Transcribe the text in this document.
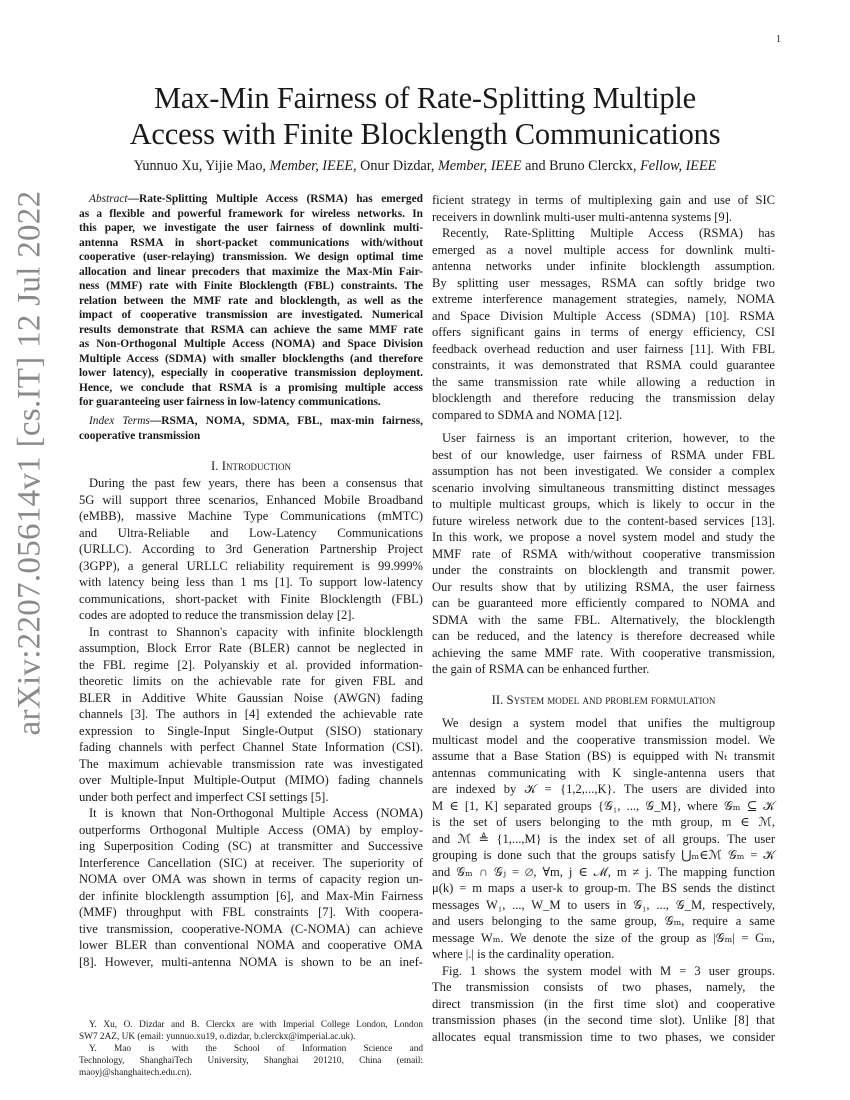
1
arXiv:2207.05614v1 [cs.IT] 12 Jul 2022
Max-Min Fairness of Rate-Splitting Multiple
Access with Finite Blocklength Communications
Yunnuo Xu, Yijie Mao, Member, IEEE, Onur Dizdar, Member, IEEE and Bruno Clerckx, Fellow, IEEE
Abstract—Rate-Splitting Multiple Access (RSMA) has emerged
as a flexible and powerful framework for wireless networks. In
this paper, we investigate the user fairness of downlink multi-
antenna RSMA in short-packet communications with/without
cooperative (user-relaying) transmission. We design optimal time
allocation and linear precoders that maximize the Max-Min Fair-
ness (MMF) rate with Finite Blocklength (FBL) constraints. The
relation between the MMF rate and blocklength, as well as the
impact of cooperative transmission are investigated. Numerical
results demonstrate that RSMA can achieve the same MMF rate
as Non-Orthogonal Multiple Access (NOMA) and Space Division
Multiple Access (SDMA) with smaller blocklengths (and therefore
lower latency), especially in cooperative transmission deployment.
Hence, we conclude that RSMA is a promising multiple access
for guaranteeing user fairness in low-latency communications.
Index Terms—RSMA, NOMA, SDMA, FBL, max-min fairness,
cooperative transmission
I. Introduction
During the past few years, there has been a consensus that
5G will support three scenarios, Enhanced Mobile Broadband
(eMBB), massive Machine Type Communications (mMTC)
and Ultra-Reliable and Low-Latency Communications
(URLLC). According to 3rd Generation Partnership Project
(3GPP), a general URLLC reliability requirement is 99.999%
with latency being less than 1 ms [1]. To support low-latency
communications, short-packet with Finite Blocklength (FBL)
codes are adopted to reduce the transmission delay [2].
In contrast to Shannon's capacity with infinite blocklength
assumption, Block Error Rate (BLER) cannot be neglected in
the FBL regime [2]. Polyanskiy et al. provided information-
theoretic limits on the achievable rate for given FBL and
BLER in Additive White Gaussian Noise (AWGN) fading
channels [3]. The authors in [4] extended the achievable rate
expression to Single-Input Single-Output (SISO) stationary
fading channels with perfect Channel State Information (CSI).
The maximum achievable transmission rate was investigated
over Multiple-Input Multiple-Output (MIMO) fading channels
under both perfect and imperfect CSI settings [5].
It is known that Non-Orthogonal Multiple Access (NOMA)
outperforms Orthogonal Multiple Access (OMA) by employ-
ing Superposition Coding (SC) at transmitter and Successive
Interference Cancellation (SIC) at receiver. The superiority of
NOMA over OMA was shown in terms of capacity region un-
der infinite blocklength assumption [6], and Max-Min Fairness
(MMF) throughput with FBL constraints [7]. With coopera-
tive transmission, cooperative-NOMA (C-NOMA) can achieve
lower BLER than conventional NOMA and cooperative OMA
[8]. However, multi-antenna NOMA is shown to be an inef-
Y. Xu, O. Dizdar and B. Clerckx are with Imperial College London, London
SW7 2AZ, UK (email: yunnuo.xu19, o.dizdar, b.clerckx@imperial.ac.uk).
Y. Mao is with the School of Information Science and
Technology, ShanghaiTech University, Shanghai 201210, China (email:
maoyj@shanghaitech.edu.cn).
ficient strategy in terms of multiplexing gain and use of SIC
receivers in downlink multi-user multi-antenna systems [9].
Recently, Rate-Splitting Multiple Access (RSMA) has
emerged as a novel multiple access for downlink multi-
antenna networks under infinite blocklength assumption.
By splitting user messages, RSMA can softly bridge two
extreme interference management strategies, namely, NOMA
and Space Division Multiple Access (SDMA) [10]. RSMA
offers significant gains in terms of energy efficiency, CSI
feedback overhead reduction and user fairness [11]. With FBL
constraints, it was demonstrated that RSMA could guarantee
the same transmission rate while allowing a reduction in
blocklength and therefore reducing the transmission delay
compared to SDMA and NOMA [12].
User fairness is an important criterion, however, to the
best of our knowledge, user fairness of RSMA under FBL
assumption has not been investigated. We consider a complex
scenario involving simultaneous transmitting distinct messages
to multiple multicast groups, which is likely to occur in the
future wireless network due to the content-based services [13].
In this work, we propose a novel system model and study the
MMF rate of RSMA with/without cooperative transmission
under the constraints on blocklength and transmit power.
Our results show that by utilizing RSMA, the user fairness
can be guaranteed more efficiently compared to NOMA and
SDMA with the same FBL. Alternatively, the blocklength
can be reduced, and the latency is therefore decreased while
achieving the same MMF rate. With cooperative transmission,
the gain of RSMA can be enhanced further.
II. System model and problem formulation
We design a system model that unifies the multigroup
multicast model and the cooperative transmission model. We
assume that a Base Station (BS) is equipped with Nₜ transmit
antennas communicating with K single-antenna users that
are indexed by 𝒦 = {1,2,...,K}. The users are divided into
M ∈ [1, K] separated groups {𝒢₁, ..., 𝒢_M}, where 𝒢ₘ ⊆ 𝒦
is the set of users belonging to the mth group, m ∈ ℳ,
and ℳ ≜ {1,...,M} is the index set of all groups. The user
grouping is done such that the groups satisfy ⋃ₘ∈ℳ 𝒢ₘ = 𝒦
and 𝒢ₘ ∩ 𝒢ⱼ = ∅, ∀m, j ∈ ℳ, m ≠ j. The mapping function
μ(k) = m maps a user-k to group-m. The BS sends the distinct
messages W₁, ..., W_M to users in 𝒢₁, ..., 𝒢_M, respectively,
and users belonging to the same group, 𝒢ₘ, require a same
message Wₘ. We denote the size of the group as |𝒢ₘ| = Gₘ,
where |.| is the cardinality operation.
Fig. 1 shows the system model with M = 3 user groups.
The transmission consists of two phases, namely, the
direct transmission (in the first time slot) and cooperative
transmission phases (in the second time slot). Unlike [8] that
allocates equal transmission time to two phases, we consider
